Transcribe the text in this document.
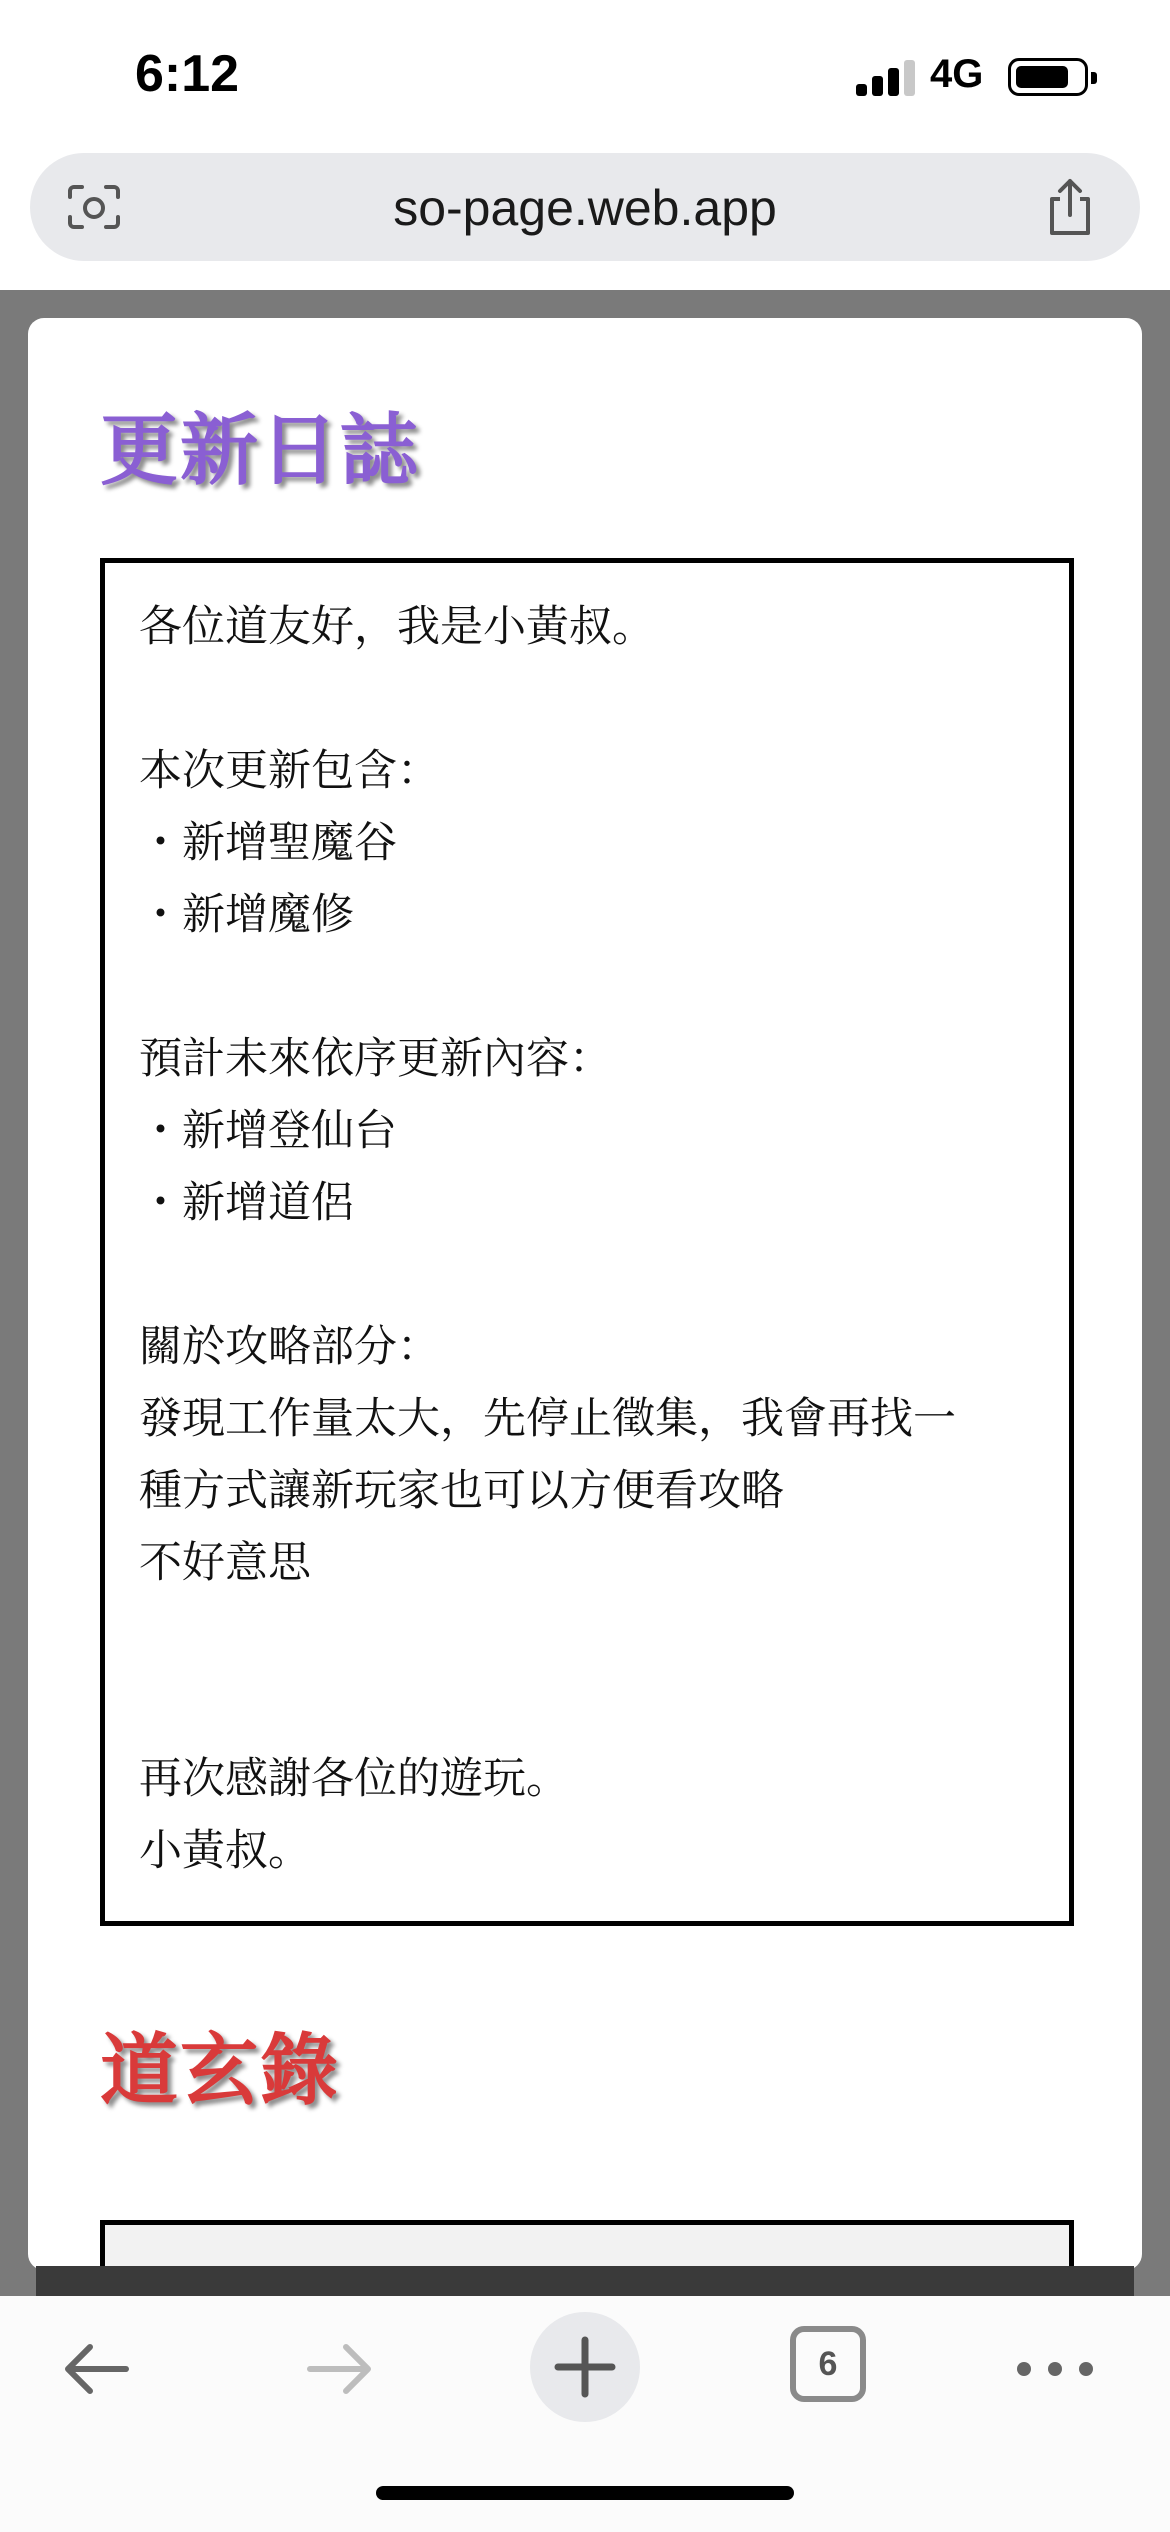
6:12	4G
so-page.web.app
更新日誌
各位道友好，我是小黃叔。
本次更新包含：
・新增聖魔谷
・新增魔修
預計未來依序更新內容：
・新增登仙台
・新增道侶
關於攻略部分：
發現工作量太大，先停止徵集，我會再找一
種方式讓新玩家也可以方便看攻略
不好意思
再次感謝各位的遊玩。
小黃叔。
道玄錄
6
